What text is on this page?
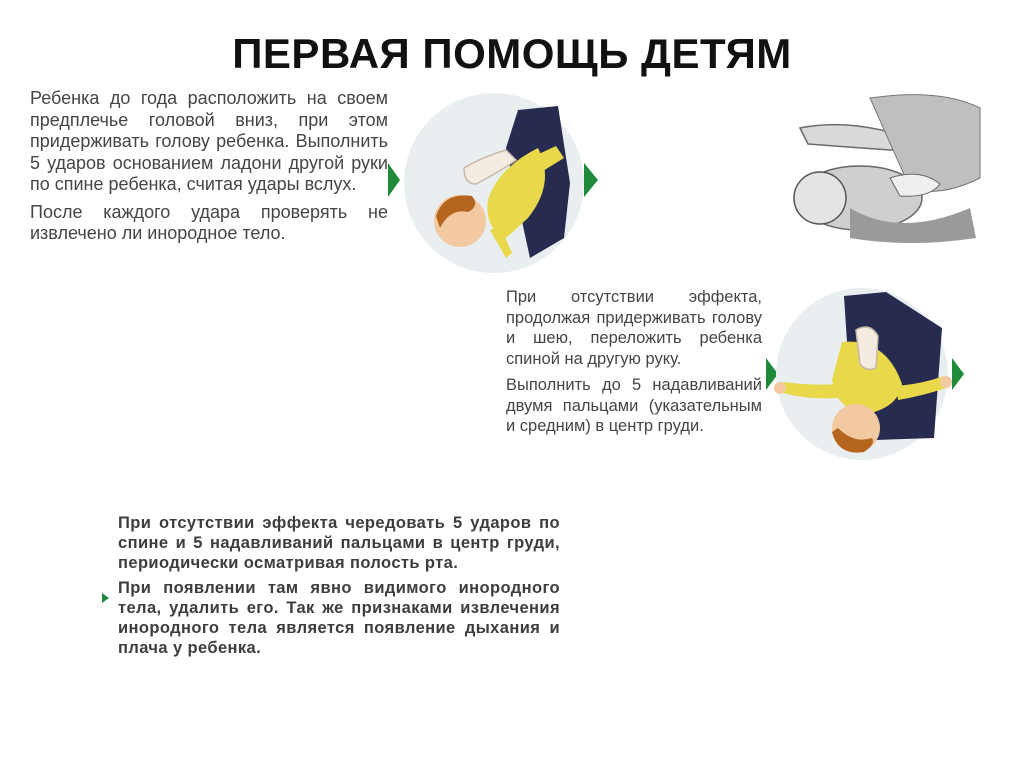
ПЕРВАЯ ПОМОЩЬ ДЕТЯМ

Ребенка до года расположить на своем предплечье головой вниз, при этом придерживать голову ребенка. Выполнить 5 ударов основанием ладони другой руки по спине ребенка, считая удары вслух.

После каждого удара проверять не извлечено ли инородное тело.

При отсутствии эффекта, продолжая придерживать голову и шею, переложить ребенка спиной на другую руку.

Выполнить до 5 надавливаний двумя пальцами (указательным и средним) в центр груди.

При отсутствии эффекта чередовать 5 ударов по спине и 5 надавливаний пальцами в центр груди, периодически осматривая полость рта.

При появлении там явно видимого инородного тела, удалить его. Так же признаками извлечения инородного тела является появление дыхания и плача у ребенка.
